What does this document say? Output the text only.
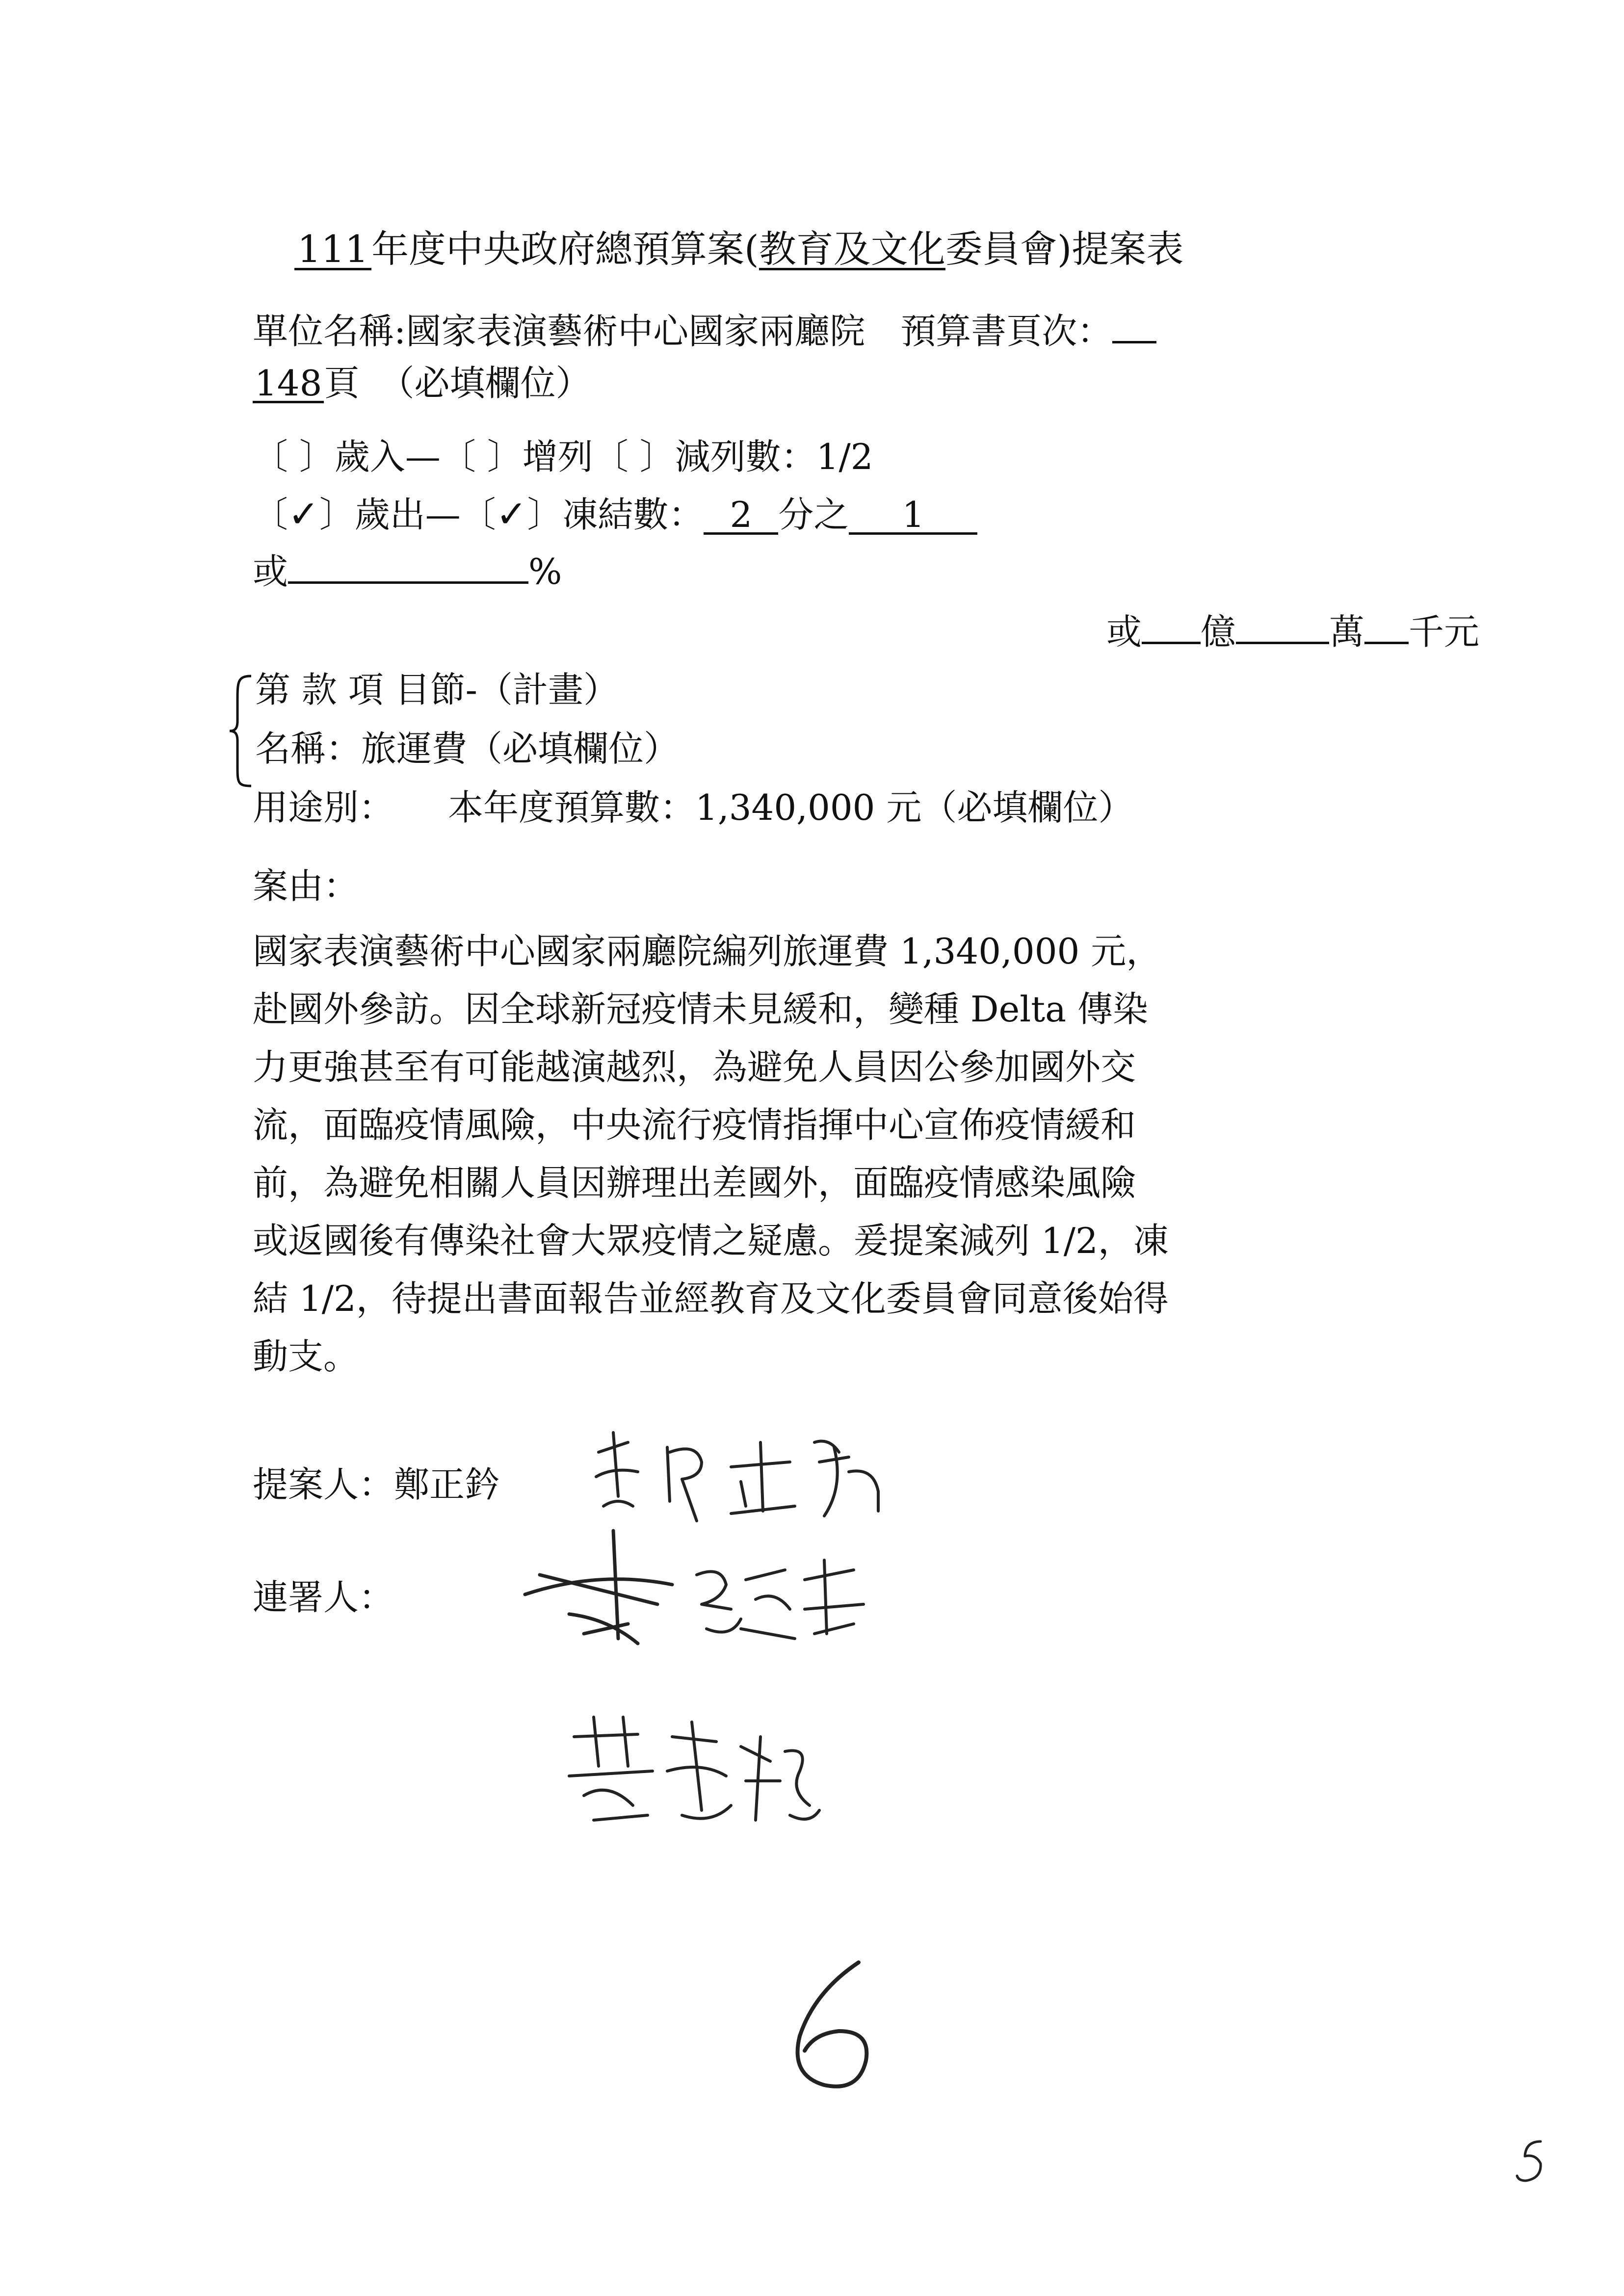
111年度中央政府總預算案(教育及文化委員會)提案表
單位名稱:國家表演藝術中心國家兩廳院　預算書頁次：
148頁 （必填欄位）
〔 〕歲入—〔 〕增列〔 〕減列數：1/2
〔✓〕歲出—〔✓〕凍結數： 2 分之 1
或	%
或 億	萬 千元
第 款 項 目節-（計畫）
名稱：旅運費（必填欄位）
用途別： 本年度預算數：1,340,000 元（必填欄位）
案由：
國家表演藝術中心國家兩廳院編列旅運費 1,340,000 元，
赴國外參訪。因全球新冠疫情未見緩和，變種 Delta 傳染
力更強甚至有可能越演越烈，為避免人員因公參加國外交
流，面臨疫情風險，中央流行疫情指揮中心宣佈疫情緩和
前，為避免相關人員因辦理出差國外，面臨疫情感染風險
或返國後有傳染社會大眾疫情之疑慮。爰提案減列 1/2，凍
結 1/2，待提出書面報告並經教育及文化委員會同意後始得
動支。
提案人：鄭正鈐
連署人：
6
5
